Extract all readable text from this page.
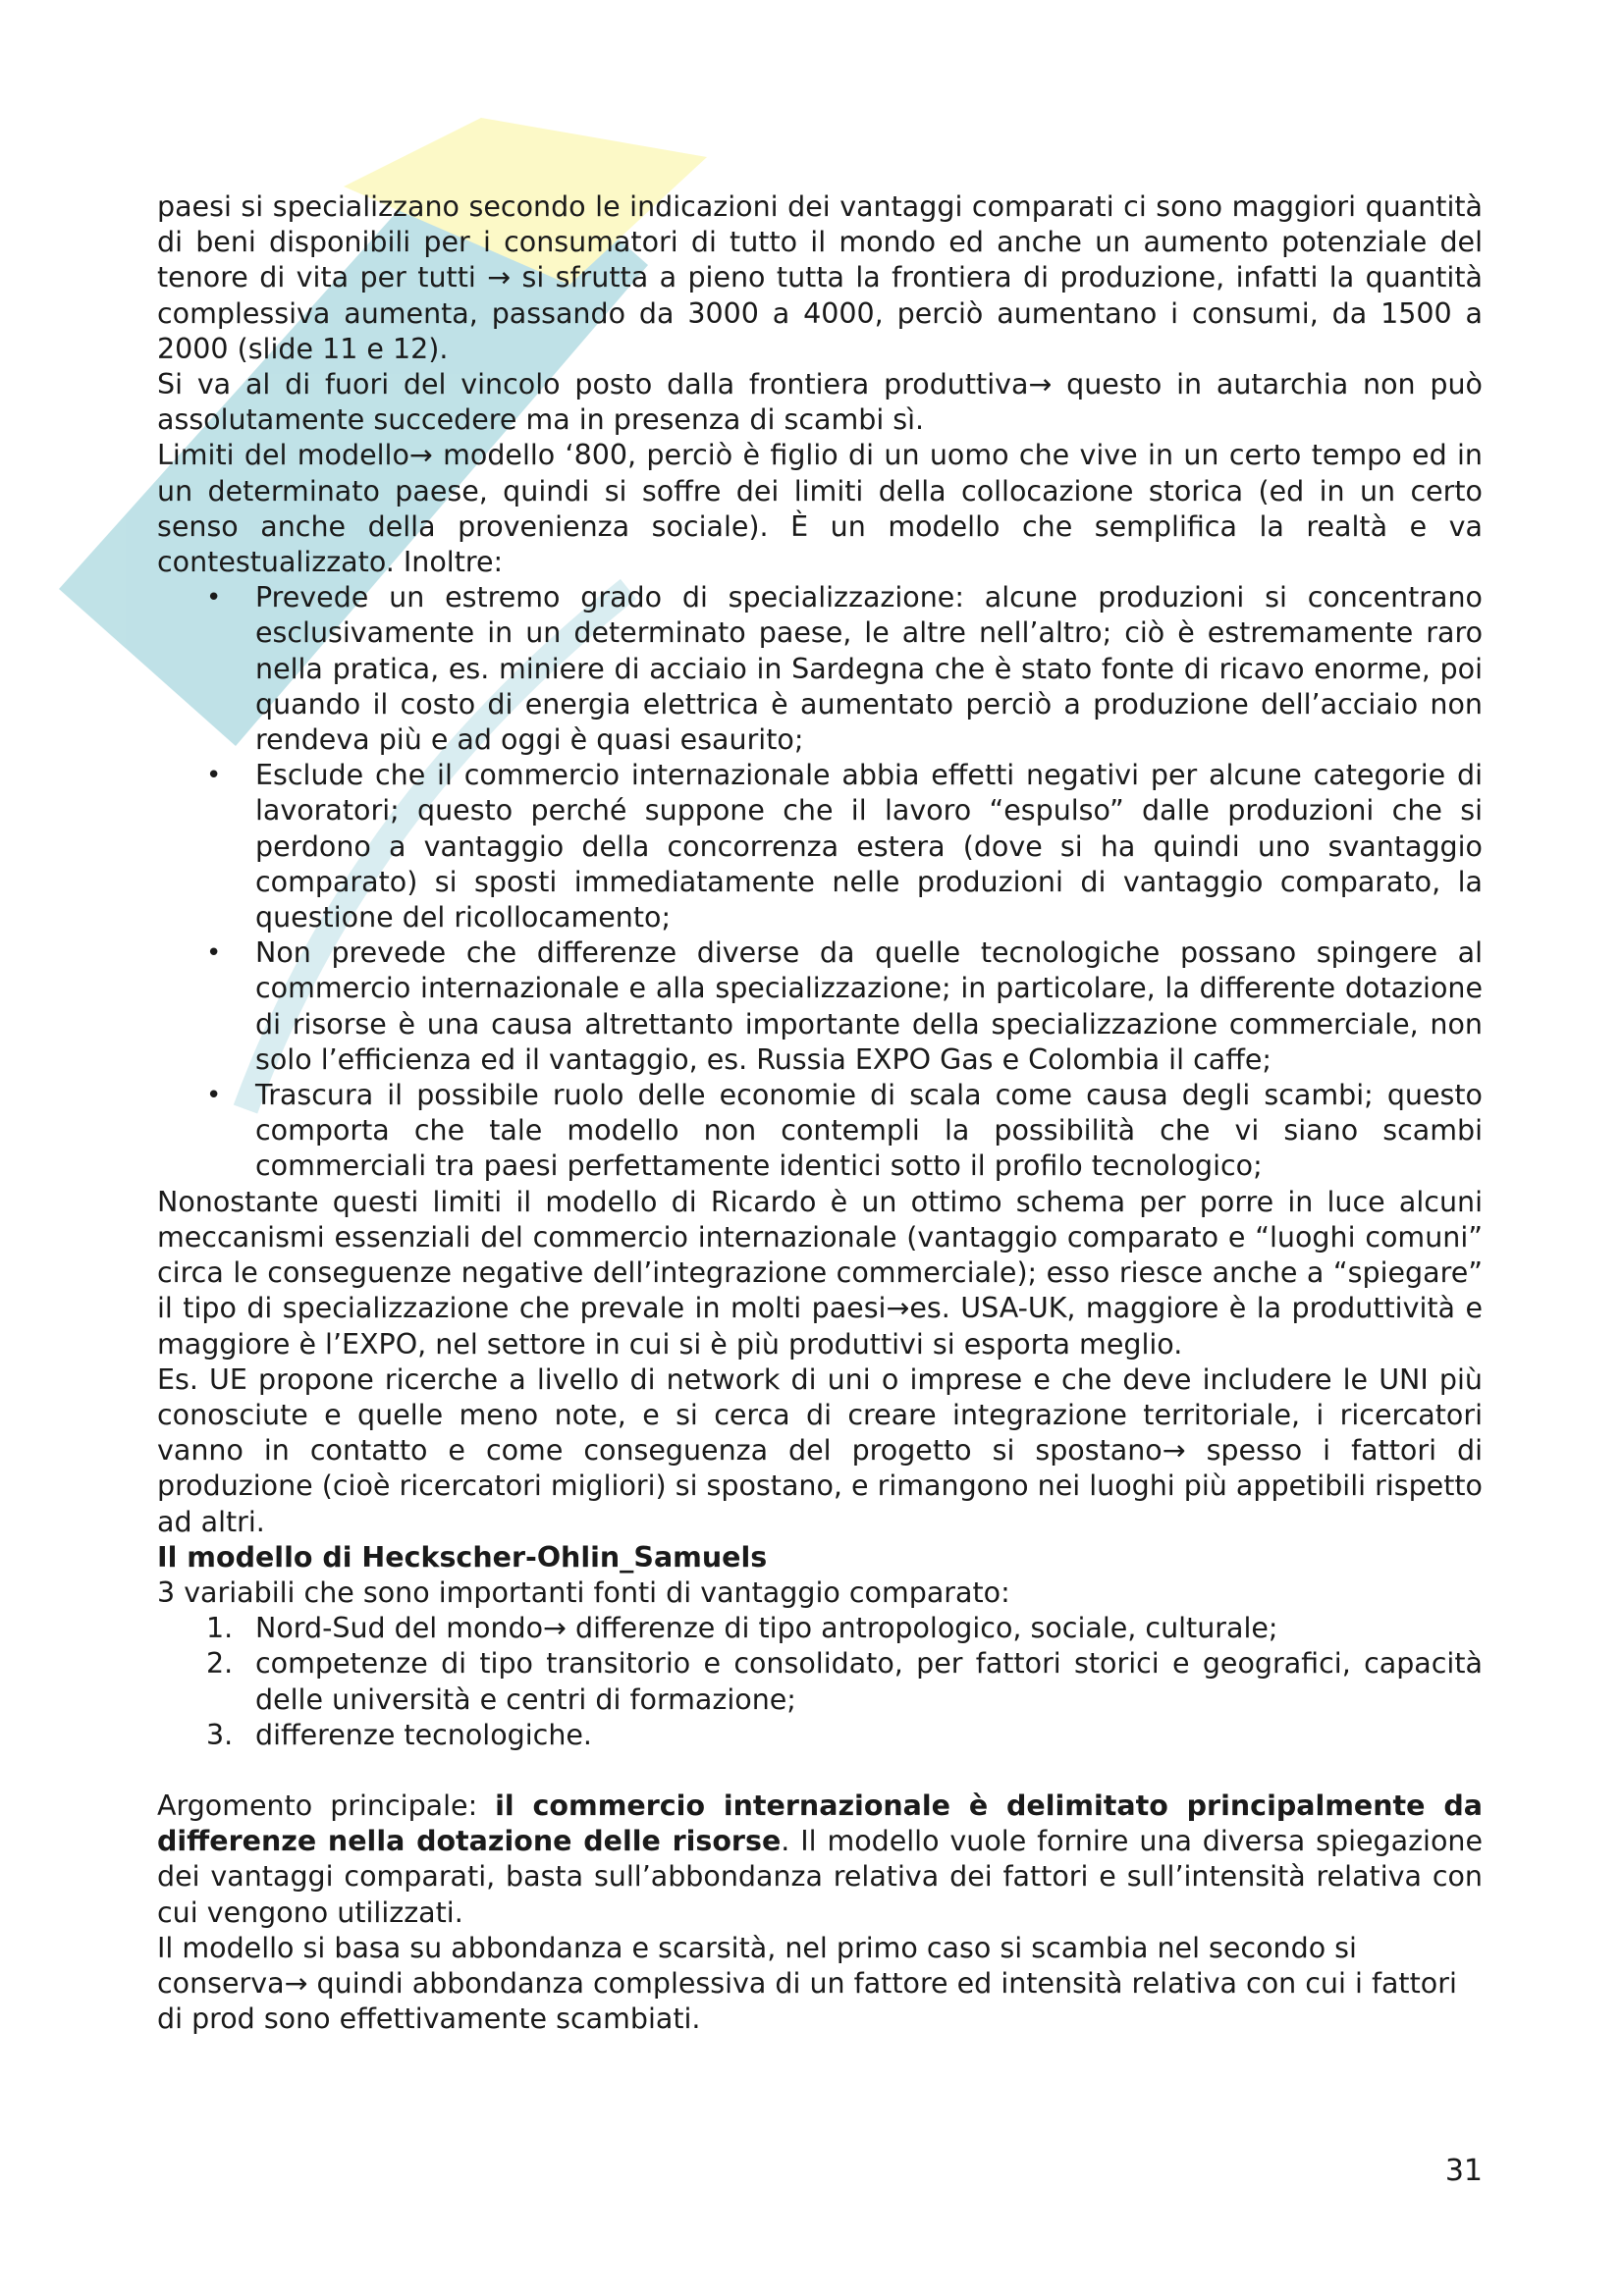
paesi si specializzano secondo le indicazioni dei vantaggi comparati ci sono maggiori quantità di beni disponibili per i consumatori di tutto il mondo ed anche un aumento potenziale del tenore di vita per tutti → si sfrutta a pieno tutta la frontiera di produzione, infatti la quantità complessiva aumenta, passando da 3000 a 4000, perciò aumentano i consumi, da 1500 a 2000 (slide 11 e 12).

Si va al di fuori del vincolo posto dalla frontiera produttiva→ questo in autarchia non può assolutamente succedere ma in presenza di scambi sì.

Limiti del modello→ modello ‘800, perciò è figlio di un uomo che vive in un certo tempo ed in un determinato paese, quindi si soffre dei limiti della collocazione storica (ed in un certo senso anche della provenienza sociale). È un modello che semplifica la realtà e va contestualizzato. Inoltre:

• Prevede un estremo grado di specializzazione: alcune produzioni si concentrano esclusivamente in un determinato paese, le altre nell’altro; ciò è estremamente raro nella pratica, es. miniere di acciaio in Sardegna che è stato fonte di ricavo enorme, poi quando il costo di energia elettrica è aumentato perciò a produzione dell’acciaio non rendeva più e ad oggi è quasi esaurito;
• Esclude che il commercio internazionale abbia effetti negativi per alcune categorie di lavoratori; questo perché suppone che il lavoro “espulso” dalle produzioni che si perdono a vantaggio della concorrenza estera (dove si ha quindi uno svantaggio comparato) si sposti immediatamente nelle produzioni di vantaggio comparato, la questione del ricollocamento;
• Non prevede che differenze diverse da quelle tecnologiche possano spingere al commercio internazionale e alla specializzazione; in particolare, la differente dotazione di risorse è una causa altrettanto importante della specializzazione commerciale, non solo l’efficienza ed il vantaggio, es. Russia EXPO Gas e Colombia il caffe;
• Trascura il possibile ruolo delle economie di scala come causa degli scambi; questo comporta che tale modello non contempli la possibilità che vi siano scambi commerciali tra paesi perfettamente identici sotto il profilo tecnologico;

Nonostante questi limiti il modello di Ricardo è un ottimo schema per porre in luce alcuni meccanismi essenziali del commercio internazionale (vantaggio comparato e “luoghi comuni” circa le conseguenze negative dell’integrazione commerciale); esso riesce anche a “spiegare” il tipo di specializzazione che prevale in molti paesi→es. USA-UK, maggiore è la produttività e maggiore è l’EXPO, nel settore in cui si è più produttivi si esporta meglio.

Es. UE propone ricerche a livello di network di uni o imprese e che deve includere le UNI più conosciute e quelle meno note, e si cerca di creare integrazione territoriale, i ricercatori vanno in contatto e come conseguenza del progetto si spostano→ spesso i fattori di produzione (cioè ricercatori migliori) si spostano, e rimangono nei luoghi più appetibili rispetto ad altri.

Il modello di Heckscher-Ohlin_Samuels

3 variabili che sono importanti fonti di vantaggio comparato:

1. Nord-Sud del mondo→ differenze di tipo antropologico, sociale, culturale;
2. competenze di tipo transitorio e consolidato, per fattori storici e geografici, capacità delle università e centri di formazione;
3. differenze tecnologiche.

Argomento principale: il commercio internazionale è delimitato principalmente da differenze nella dotazione delle risorse. Il modello vuole fornire una diversa spiegazione dei vantaggi comparati, basta sull’abbondanza relativa dei fattori e sull’intensità relativa con cui vengono utilizzati.

Il modello si basa su abbondanza e scarsità, nel primo caso si scambia nel secondo si conserva→ quindi abbondanza complessiva di un fattore ed intensità relativa con cui i fattori di prod sono effettivamente scambiati.

31
